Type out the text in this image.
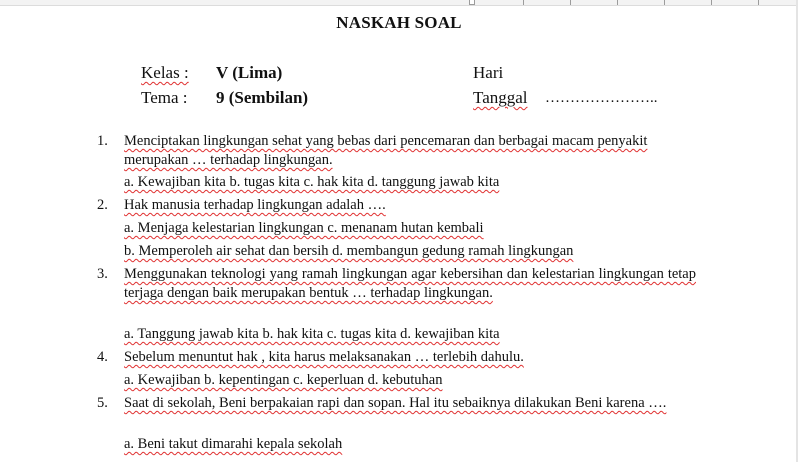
NASKAH SOAL
Kelas : V (Lima)
Tema : 9 (Sembilan)
Hari
Tanggal …………………..
1. Menciptakan lingkungan sehat yang bebas dari pencemaran dan berbagai macam penyakit merupakan … terhadap lingkungan.
a. Kewajiban kita b. tugas kita c. hak kita d. tanggung jawab kita
2. Hak manusia terhadap lingkungan adalah ….
a. Menjaga kelestarian lingkungan c. menanam hutan kembali
b. Memperoleh air sehat dan bersih d. membangun gedung ramah lingkungan
3. Menggunakan teknologi yang ramah lingkungan agar kebersihan dan kelestarian lingkungan tetap terjaga dengan baik merupakan bentuk … terhadap lingkungan.
a. Tanggung jawab kita b. hak kita c. tugas kita d. kewajiban kita
4. Sebelum menuntut hak , kita harus melaksanakan … terlebih dahulu.
a. Kewajiban b. kepentingan c. keperluan d. kebutuhan
5. Saat di sekolah, Beni berpakaian rapi dan sopan. Hal itu sebaiknya dilakukan Beni karena ….
a. Beni takut dimarahi kepala sekolah
